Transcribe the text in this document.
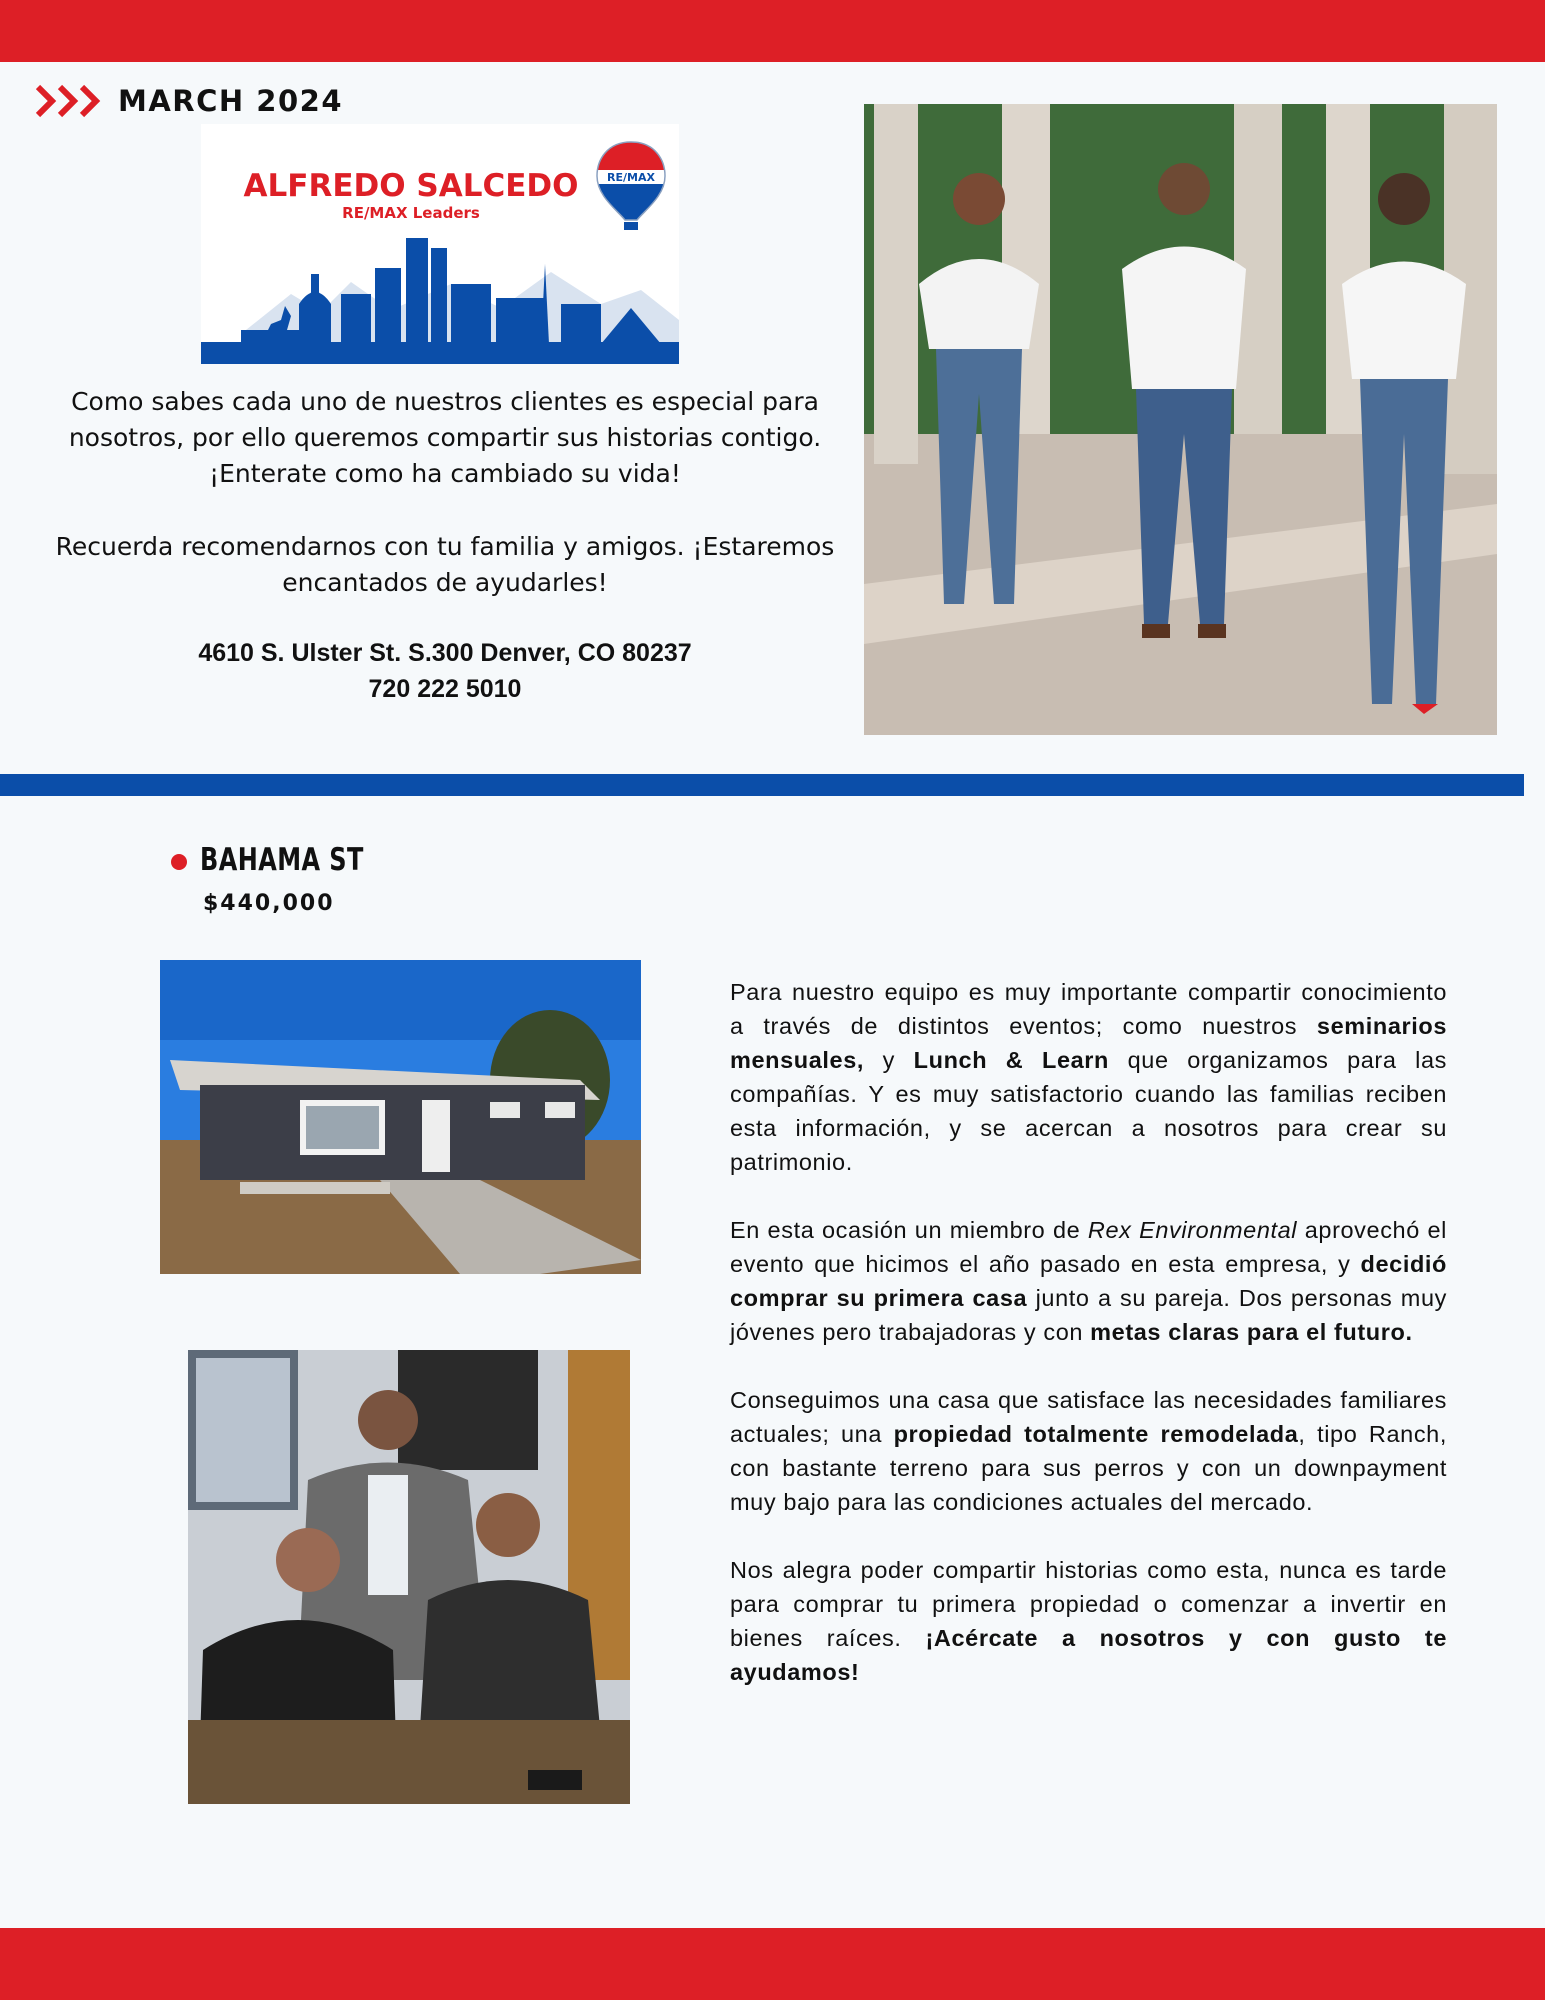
MARCH 2024
ALFREDO SALCEDO
RE/MAX Leaders
RE/MAX
Como sabes cada uno de nuestros clientes es especial para nosotros, por ello queremos compartir sus historias contigo. ¡Enterate como ha cambiado su vida!
Recuerda recomendarnos con tu familia y amigos. ¡Estaremos encantados de ayudarles!
4610 S. Ulster St. S.300 Denver, CO 80237
720 222 5010
BAHAMA ST
$440,000

Para nuestro equipo es muy importante compartir conocimiento a través de distintos eventos; como nuestros seminarios mensuales, y Lunch & Learn que organizamos para las compañías. Y es muy satisfactorio cuando las familias reciben esta información, y se acercan a nosotros para crear su patrimonio.

En esta ocasión un miembro de Rex Environmental aprovechó el evento que hicimos el año pasado en esta empresa, y decidió comprar su primera casa junto a su pareja. Dos personas muy jóvenes pero trabajadoras y con metas claras para el futuro.

Conseguimos una casa que satisface las necesidades familiares actuales; una propiedad totalmente remodelada, tipo Ranch, con bastante terreno para sus perros y con un downpayment muy bajo para las condiciones actuales del mercado.

Nos alegra poder compartir historias como esta, nunca es tarde para comprar tu primera propiedad o comenzar a invertir en bienes raíces. ¡Acércate a nosotros y con gusto te ayudamos!
